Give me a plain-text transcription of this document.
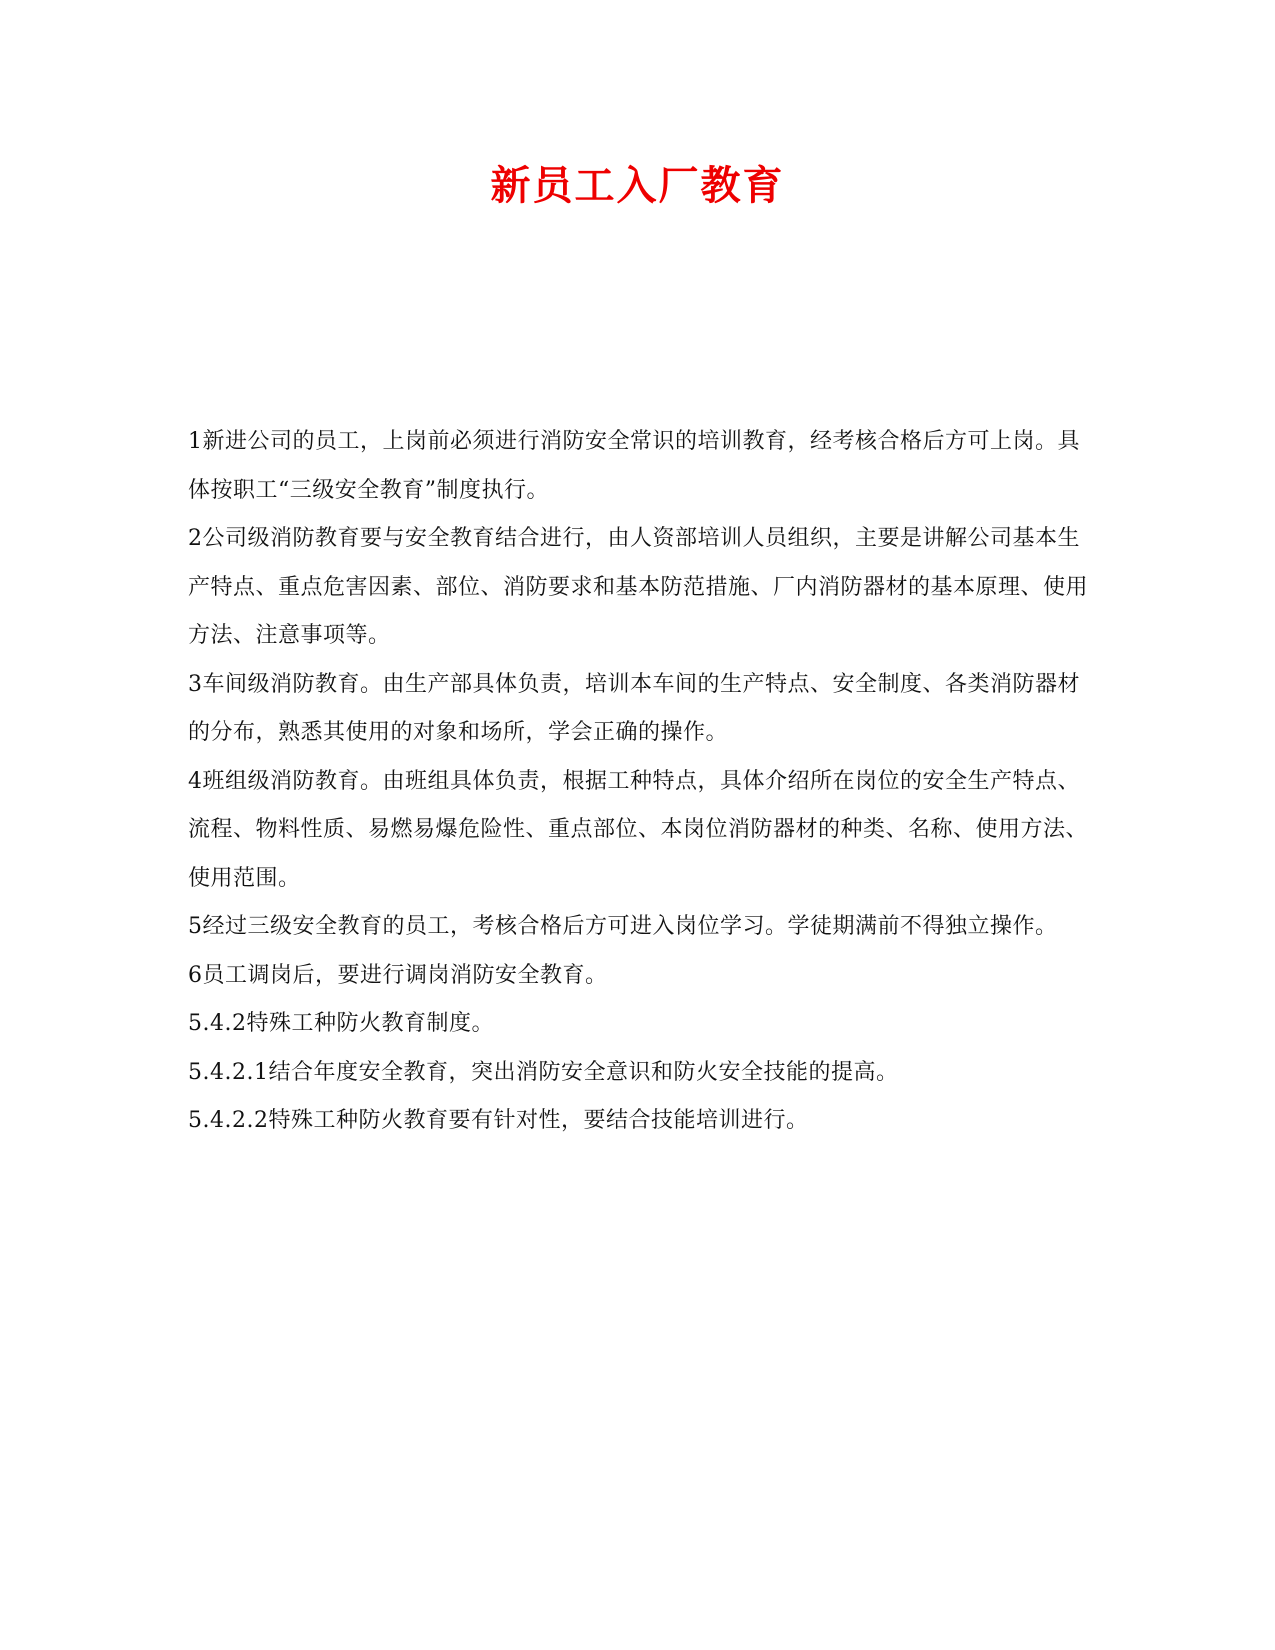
新员工入厂教育

1新进公司的员工，上岗前必须进行消防安全常识的培训教育，经考核合格后方可上岗。具体按职工“三级安全教育”制度执行。

2公司级消防教育要与安全教育结合进行，由人资部培训人员组织，主要是讲解公司基本生产特点、重点危害因素、部位、消防要求和基本防范措施、厂内消防器材的基本原理、使用方法、注意事项等。

3车间级消防教育。由生产部具体负责，培训本车间的生产特点、安全制度、各类消防器材的分布，熟悉其使用的对象和场所，学会正确的操作。

4班组级消防教育。由班组具体负责，根据工种特点，具体介绍所在岗位的安全生产特点、流程、物料性质、易燃易爆危险性、重点部位、本岗位消防器材的种类、名称、使用方法、使用范围。

5经过三级安全教育的员工，考核合格后方可进入岗位学习。学徒期满前不得独立操作。

6员工调岗后，要进行调岗消防安全教育。

5.4.2特殊工种防火教育制度。

5.4.2.1结合年度安全教育，突出消防安全意识和防火安全技能的提高。

5.4.2.2特殊工种防火教育要有针对性，要结合技能培训进行。
